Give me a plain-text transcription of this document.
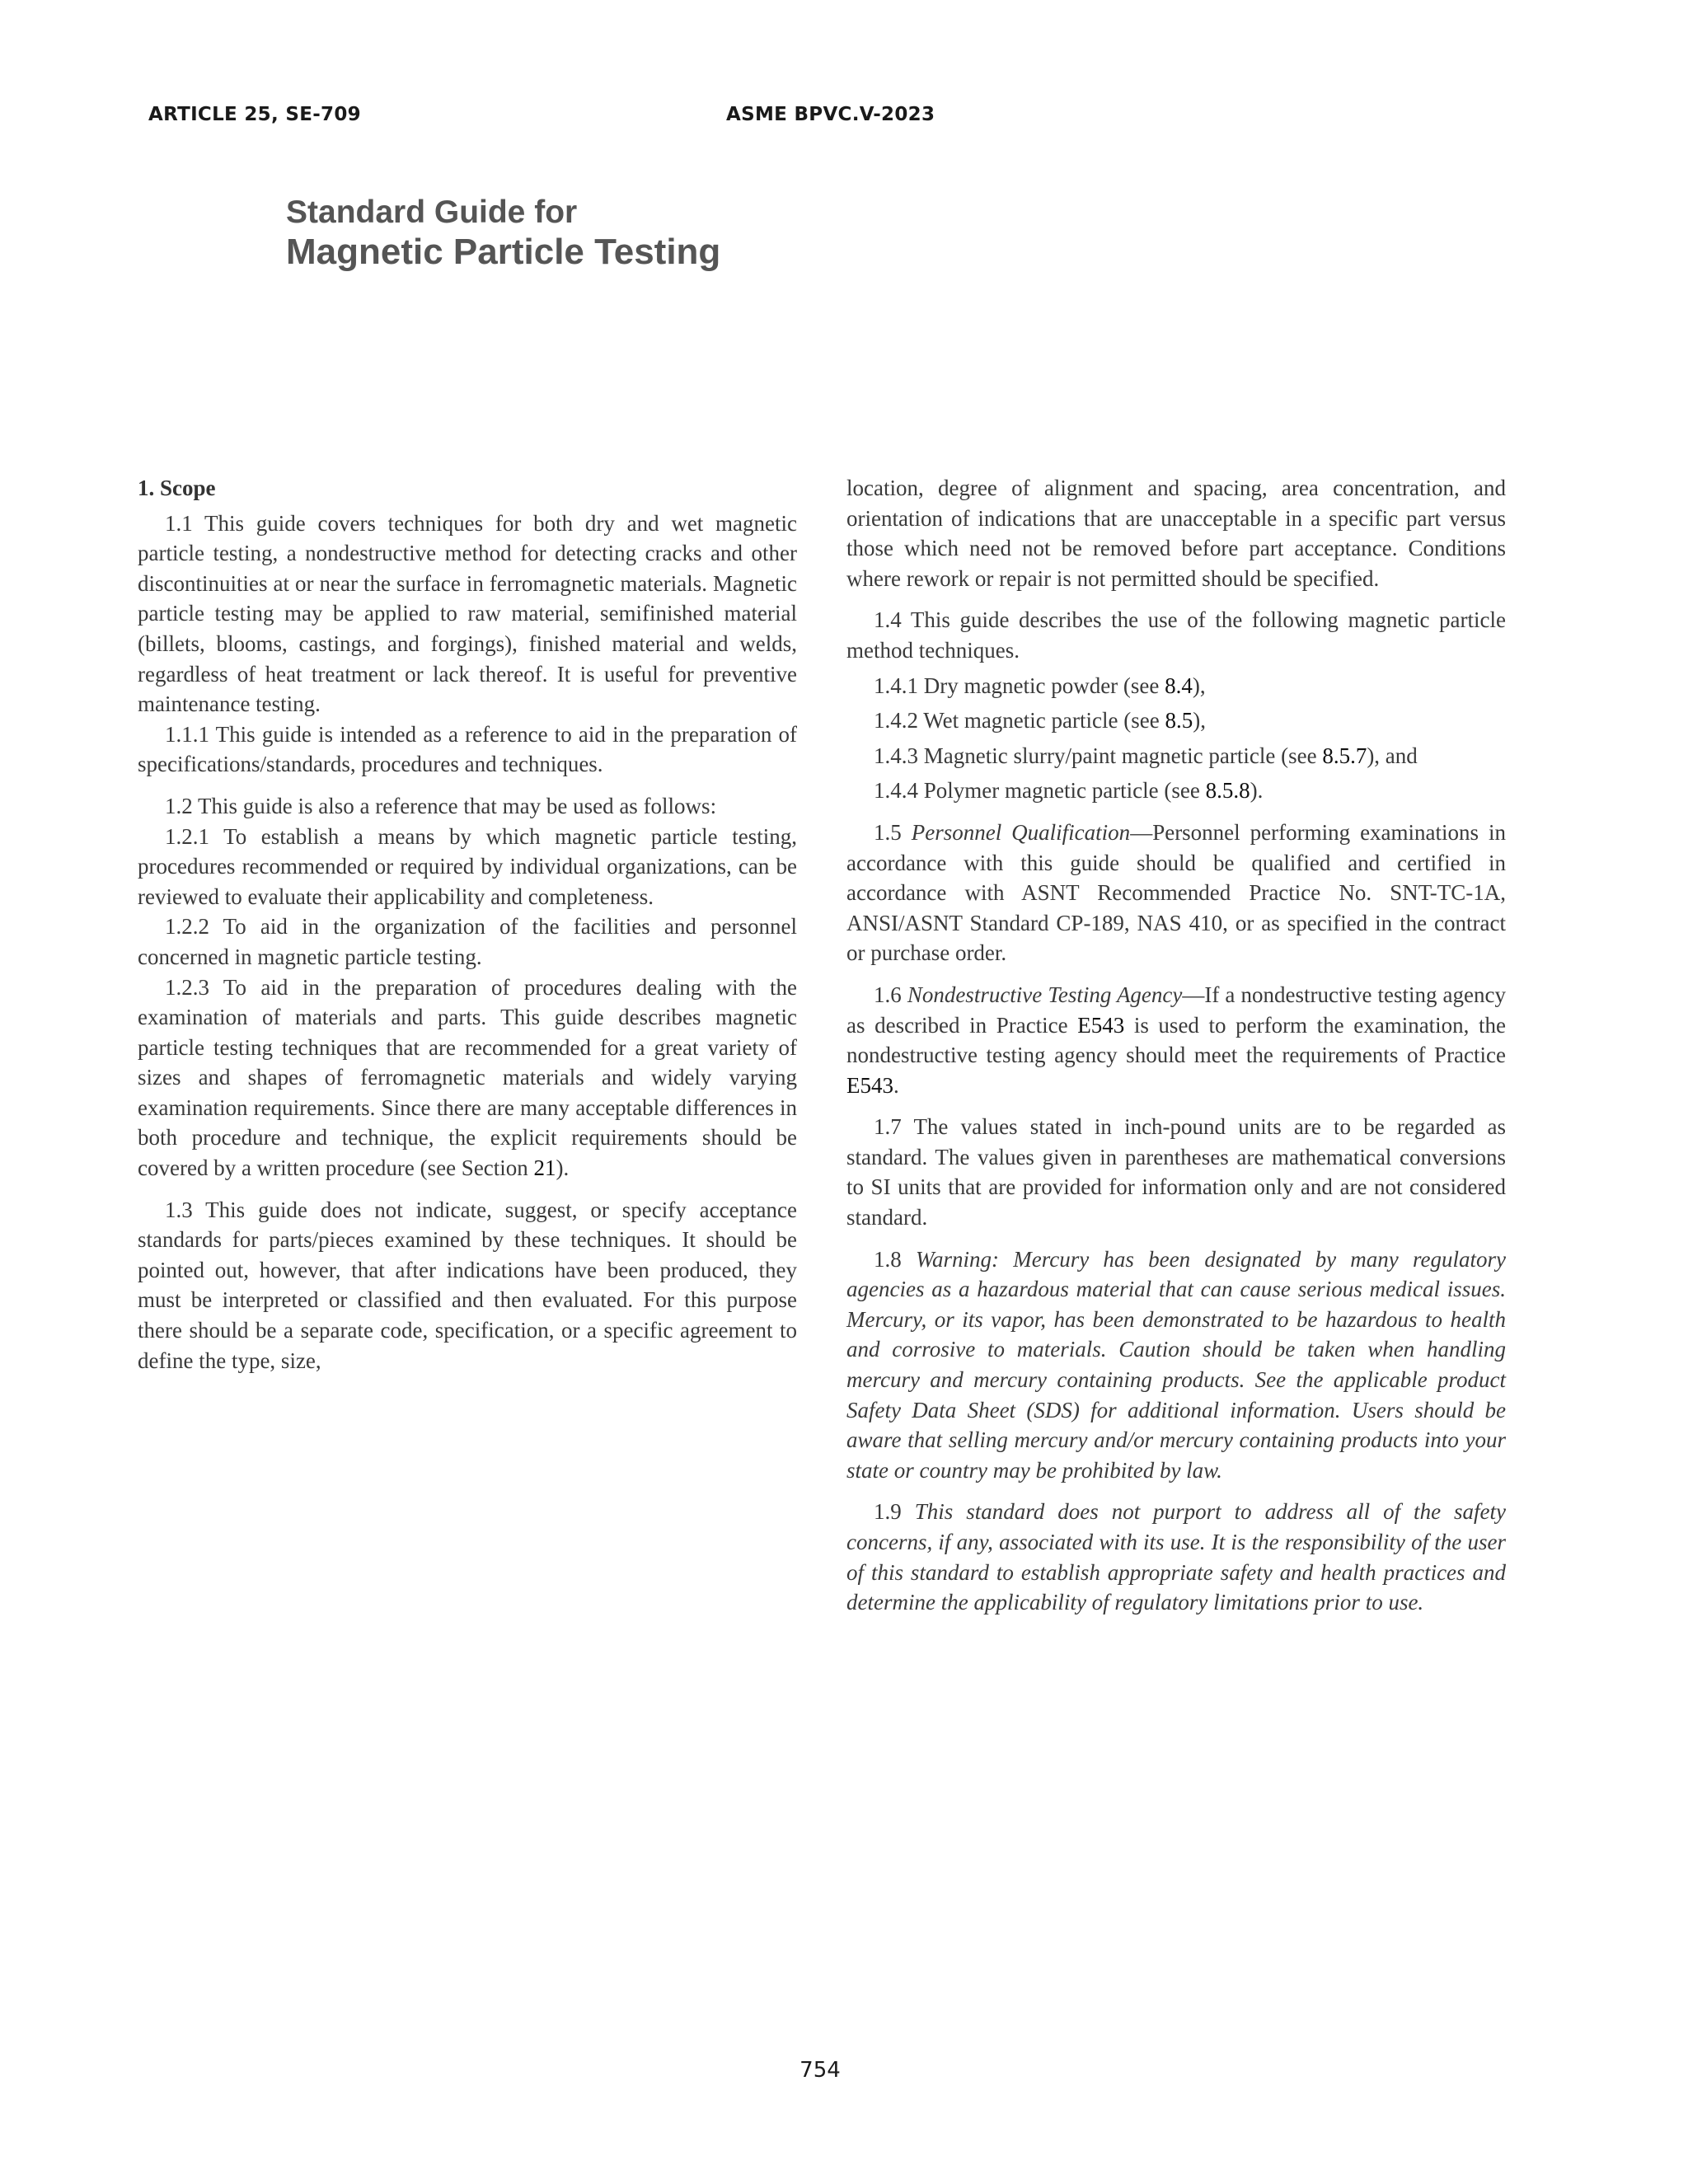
ARTICLE 25, SE-709	ASME BPVC.V-2023
Standard Guide for
Magnetic Particle Testing
1. Scope

1.1 This guide covers techniques for both dry and wet magnetic particle testing, a nondestructive method for detecting cracks and other discontinuities at or near the surface in ferromagnetic materials. Magnetic particle testing may be applied to raw material, semifinished material (billets, blooms, castings, and forgings), finished material and welds, regardless of heat treatment or lack thereof. It is useful for preventive maintenance testing.

1.1.1 This guide is intended as a reference to aid in the preparation of specifications/standards, procedures and techniques.

1.2 This guide is also a reference that may be used as follows:

1.2.1 To establish a means by which magnetic particle testing, procedures recommended or required by individual organizations, can be reviewed to evaluate their applicability and completeness.

1.2.2 To aid in the organization of the facilities and personnel concerned in magnetic particle testing.

1.2.3 To aid in the preparation of procedures dealing with the examination of materials and parts. This guide describes magnetic particle testing techniques that are recommended for a great variety of sizes and shapes of ferromagnetic materials and widely varying examination requirements. Since there are many acceptable differences in both procedure and technique, the explicit requirements should be covered by a written procedure (see Section 21).

1.3 This guide does not indicate, suggest, or specify acceptance standards for parts/pieces examined by these techniques. It should be pointed out, however, that after indications have been produced, they must be interpreted or classified and then evaluated. For this purpose there should be a separate code, specification, or a specific agreement to define the type, size,

location, degree of alignment and spacing, area concentration, and orientation of indications that are unacceptable in a specific part versus those which need not be removed before part acceptance. Conditions where rework or repair is not permitted should be specified.

1.4 This guide describes the use of the following magnetic particle method techniques.

1.4.1 Dry magnetic powder (see 8.4),

1.4.2 Wet magnetic particle (see 8.5),

1.4.3 Magnetic slurry/paint magnetic particle (see 8.5.7), and

1.4.4 Polymer magnetic particle (see 8.5.8).

1.5 Personnel Qualification—Personnel performing examinations in accordance with this guide should be qualified and certified in accordance with ASNT Recommended Practice No. SNT-TC-1A, ANSI/ASNT Standard CP-189, NAS 410, or as specified in the contract or purchase order.

1.6 Nondestructive Testing Agency—If a nondestructive testing agency as described in Practice E543 is used to perform the examination, the nondestructive testing agency should meet the requirements of Practice E543.

1.7 The values stated in inch-pound units are to be regarded as standard. The values given in parentheses are mathematical conversions to SI units that are provided for information only and are not considered standard.

1.8 Warning: Mercury has been designated by many regulatory agencies as a hazardous material that can cause serious medical issues. Mercury, or its vapor, has been demonstrated to be hazardous to health and corrosive to materials. Caution should be taken when handling mercury and mercury containing products. See the applicable product Safety Data Sheet (SDS) for additional information. Users should be aware that selling mercury and/or mercury containing products into your state or country may be prohibited by law.

1.9 This standard does not purport to address all of the safety concerns, if any, associated with its use. It is the responsibility of the user of this standard to establish appropriate safety and health practices and determine the applicability of regulatory limitations prior to use.

754
